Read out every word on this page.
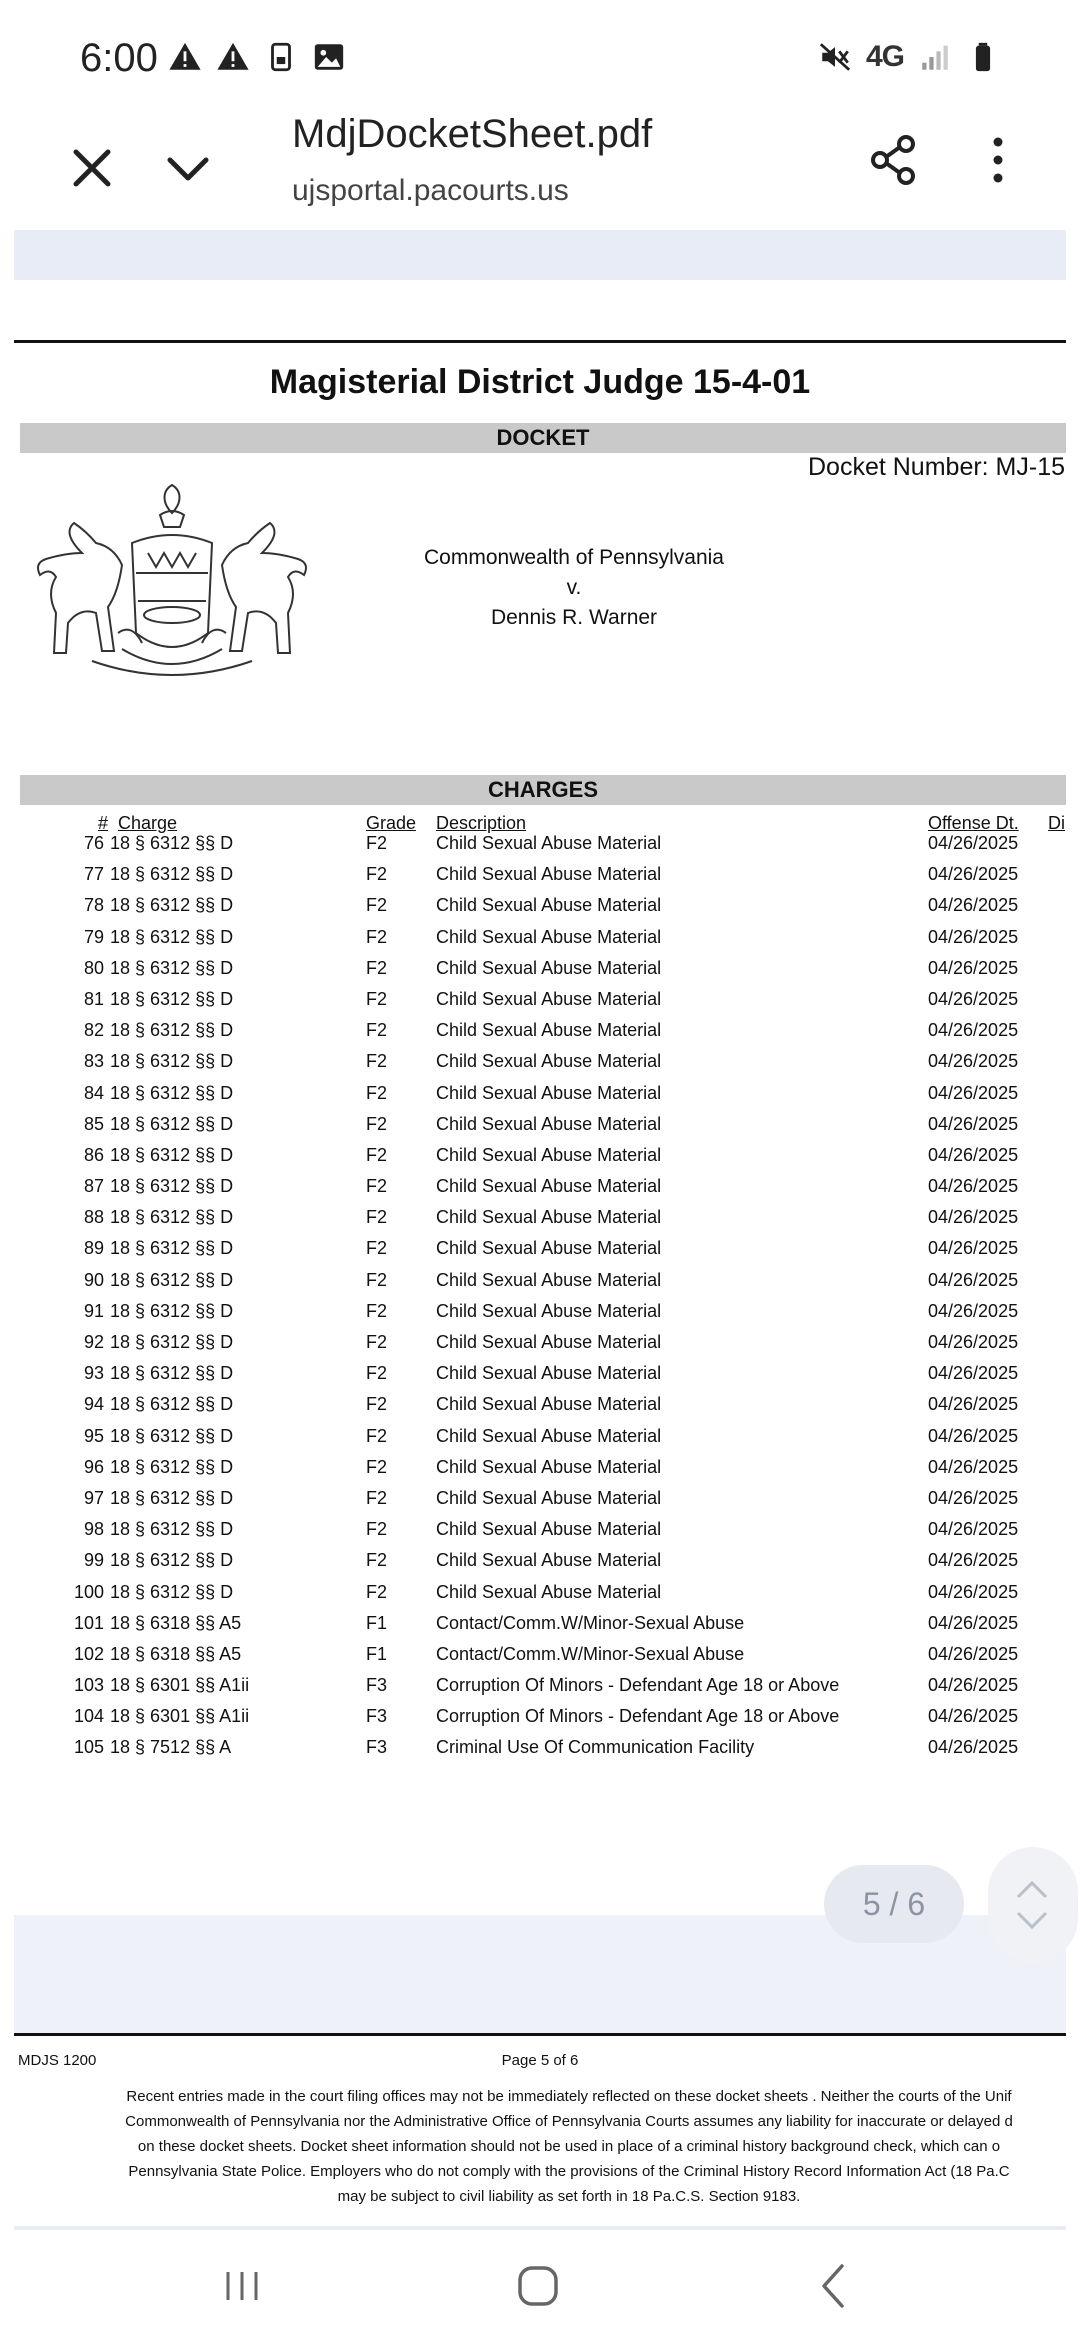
6:00	4G
MdjDocketSheet.pdf
ujsportal.pacourts.us
Magisterial District Judge 15-4-01
DOCKET
Docket Number: MJ-15
Commonwealth of Pennsylvania
v.
Dennis R. Warner
CHARGES
# Charge	Grade Description	Offense Dt. Di
76 18 § 6312 §§ D	F2	Child Sexual Abuse Material	04/26/2025
77 18 § 6312 §§ D	F2	Child Sexual Abuse Material	04/26/2025
78 18 § 6312 §§ D	F2	Child Sexual Abuse Material	04/26/2025
79 18 § 6312 §§ D	F2	Child Sexual Abuse Material	04/26/2025
80 18 § 6312 §§ D	F2	Child Sexual Abuse Material	04/26/2025
81 18 § 6312 §§ D	F2	Child Sexual Abuse Material	04/26/2025
82 18 § 6312 §§ D	F2	Child Sexual Abuse Material	04/26/2025
83 18 § 6312 §§ D	F2	Child Sexual Abuse Material	04/26/2025
84 18 § 6312 §§ D	F2	Child Sexual Abuse Material	04/26/2025
85 18 § 6312 §§ D	F2	Child Sexual Abuse Material	04/26/2025
86 18 § 6312 §§ D	F2	Child Sexual Abuse Material	04/26/2025
87 18 § 6312 §§ D	F2	Child Sexual Abuse Material	04/26/2025
88 18 § 6312 §§ D	F2	Child Sexual Abuse Material	04/26/2025
89 18 § 6312 §§ D	F2	Child Sexual Abuse Material	04/26/2025
90 18 § 6312 §§ D	F2	Child Sexual Abuse Material	04/26/2025
91 18 § 6312 §§ D	F2	Child Sexual Abuse Material	04/26/2025
92 18 § 6312 §§ D	F2	Child Sexual Abuse Material	04/26/2025
93 18 § 6312 §§ D	F2	Child Sexual Abuse Material	04/26/2025
94 18 § 6312 §§ D	F2	Child Sexual Abuse Material	04/26/2025
95 18 § 6312 §§ D	F2	Child Sexual Abuse Material	04/26/2025
96 18 § 6312 §§ D	F2	Child Sexual Abuse Material	04/26/2025
97 18 § 6312 §§ D	F2	Child Sexual Abuse Material	04/26/2025
98 18 § 6312 §§ D	F2	Child Sexual Abuse Material	04/26/2025
99 18 § 6312 §§ D	F2	Child Sexual Abuse Material	04/26/2025
100 18 § 6312 §§ D	F2	Child Sexual Abuse Material	04/26/2025
101 18 § 6318 §§ A5	F1	Contact/Comm.W/Minor-Sexual Abuse	04/26/2025
102 18 § 6318 §§ A5	F1	Contact/Comm.W/Minor-Sexual Abuse	04/26/2025
103 18 § 6301 §§ A1ii	F3	Corruption Of Minors - Defendant Age 18 or Above	04/26/2025
104 18 § 6301 §§ A1ii	F3	Corruption Of Minors - Defendant Age 18 or Above	04/26/2025
105 18 § 7512 §§ A	F3	Criminal Use Of Communication Facility	04/26/2025
5 / 6
MDJS 1200	Page 5 of 6
Recent entries made in the court filing offices may not be immediately reflected on these docket sheets . Neither the courts of the Unif
Commonwealth of Pennsylvania nor the Administrative Office of Pennsylvania Courts assumes any liability for inaccurate or delayed d
on these docket sheets. Docket sheet information should not be used in place of a criminal history background check, which can o
Pennsylvania State Police. Employers who do not comply with the provisions of the Criminal History Record Information Act (18 Pa.C
may be subject to civil liability as set forth in 18 Pa.C.S. Section 9183.
